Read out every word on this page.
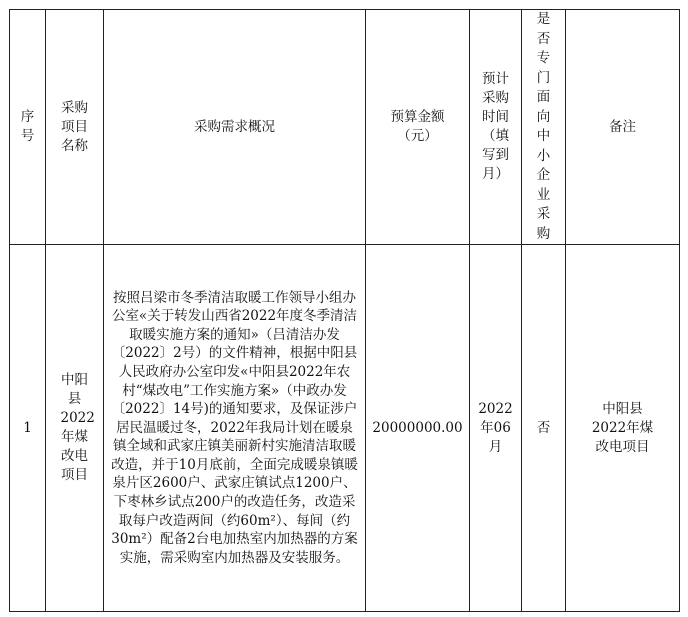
序号	采购项目名称	采购需求概况	预算金额（元）	预计采购时间（填写到月）	是否专门面向中小企业采购	备注
1	中阳县2022年煤改电项目	按照吕梁市冬季清洁取暖工作领导小组办公室«关于转发山西省2022年度冬季清洁取暖实施方案的通知»（吕清洁办发〔2022〕2号）的文件精神，根据中阳县人民政府办公室印发«中阳县2022年农村“煤改电”工作实施方案»（中政办发〔2022〕14号)的通知要求，及保证涉户居民温暖过冬，2022年我局计划在暖泉镇全域和武家庄镇美丽新村实施清洁取暖改造，并于10月底前，全面完成暖泉镇暖泉片区2600户、武家庄镇试点1200户、下枣林乡试点200户的改造任务，改造采取每户改造两间（约60m²）、每间（约30m²）配备2台电加热室内加热器的方案实施，需采购室内加热器及安装服务。	20000000.00	2022年06月	否	中阳县2022年煤改电项目
